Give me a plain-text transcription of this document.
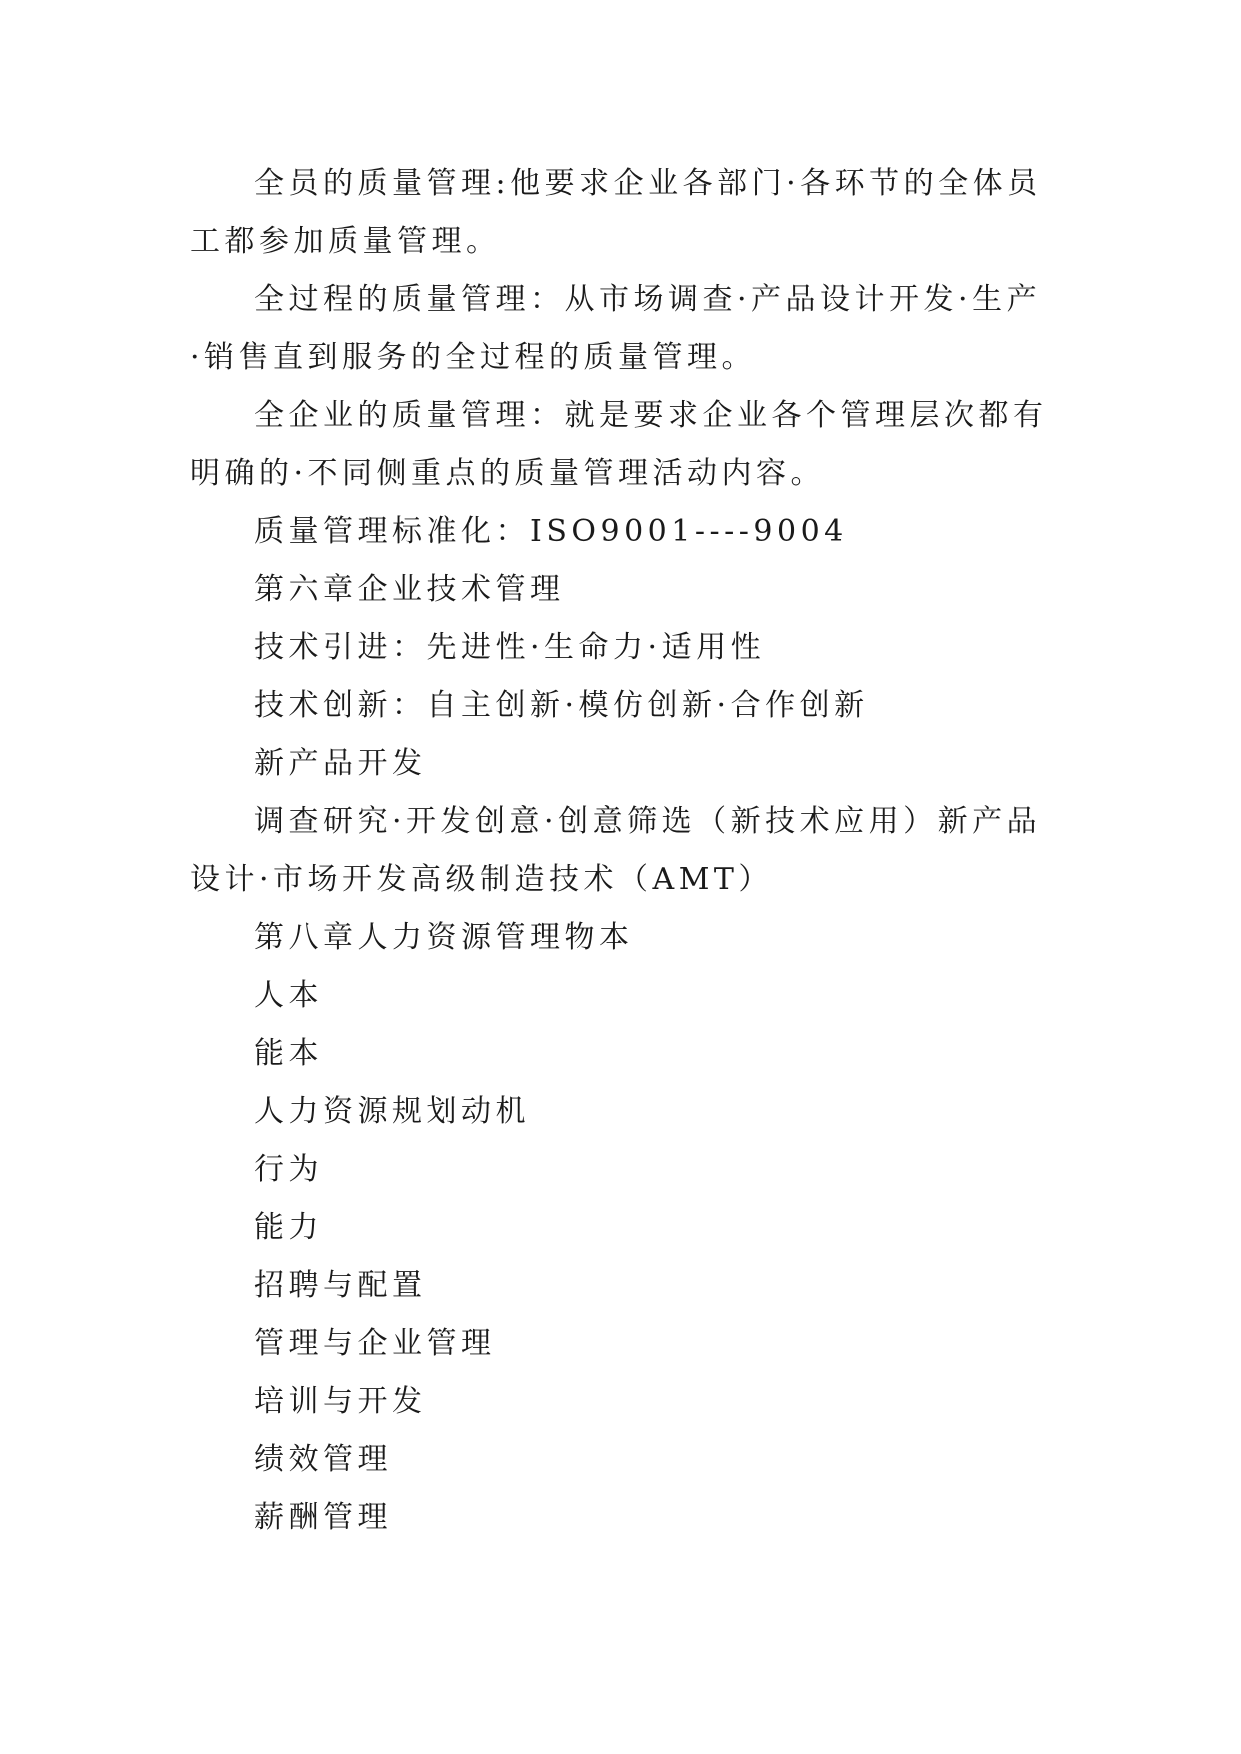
全员的质量管理:他要求企业各部门·各环节的全体员工都参加质量管理。

全过程的质量管理：从市场调查·产品设计开发·生产·销售直到服务的全过程的质量管理。

全企业的质量管理：就是要求企业各个管理层次都有明确的·不同侧重点的质量管理活动内容。

质量管理标准化：ISO9001----9004

第六章企业技术管理

技术引进：先进性·生命力·适用性

技术创新：自主创新·模仿创新·合作创新

新产品开发

调查研究·开发创意·创意筛选（新技术应用）新产品设计·市场开发高级制造技术（AMT）

第八章人力资源管理物本

人本

能本

人力资源规划动机

行为

能力

招聘与配置

管理与企业管理

培训与开发

绩效管理

薪酬管理
